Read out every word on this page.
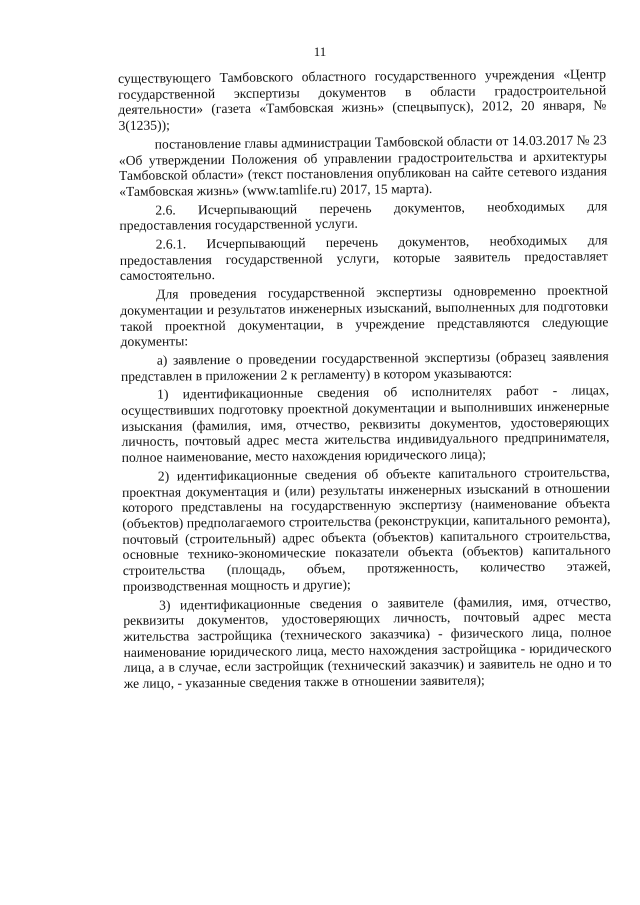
11

существующего Тамбовского областного государственного учреждения «Центр государственной экспертизы документов в области градостроительной деятельности» (газета «Тамбовская жизнь» (спецвыпуск), 2012, 20 января, № 3(1235));

постановление главы администрации Тамбовской области от 14.03.2017 № 23 «Об утверждении Положения об управлении градостроительства и архитектуры Тамбовской области» (текст постановления опубликован на сайте сетевого издания «Тамбовская жизнь» (www.tamlife.ru) 2017, 15 марта).

2.6. Исчерпывающий перечень документов, необходимых для предоставления государственной услуги.

2.6.1. Исчерпывающий перечень документов, необходимых для предоставления государственной услуги, которые заявитель предоставляет самостоятельно.

Для проведения государственной экспертизы одновременно проектной документации и результатов инженерных изысканий, выполненных для подготовки такой проектной документации, в учреждение представляются следующие документы:

а) заявление о проведении государственной экспертизы (образец заявления представлен в приложении 2 к регламенту) в котором указываются:

1) идентификационные сведения об исполнителях работ - лицах, осуществивших подготовку проектной документации и выполнивших инженерные изыскания (фамилия, имя, отчество, реквизиты документов, удостоверяющих личность, почтовый адрес места жительства индивидуального предпринимателя, полное наименование, место нахождения юридического лица);

2) идентификационные сведения об объекте капитального строительства, проектная документация и (или) результаты инженерных изысканий в отношении которого представлены на государственную экспертизу (наименование объекта (объектов) предполагаемого строительства (реконструкции, капитального ремонта), почтовый (строительный) адрес объекта (объектов) капитального строительства, основные технико-экономические показатели объекта (объектов) капитального строительства (площадь, объем, протяженность, количество этажей, производственная мощность и другие);

3) идентификационные сведения о заявителе (фамилия, имя, отчество, реквизиты документов, удостоверяющих личность, почтовый адрес места жительства застройщика (технического заказчика) - физического лица, полное наименование юридического лица, место нахождения застройщика - юридического лица, а в случае, если застройщик (технический заказчик) и заявитель не одно и то же лицо, - указанные сведения также в отношении заявителя);
